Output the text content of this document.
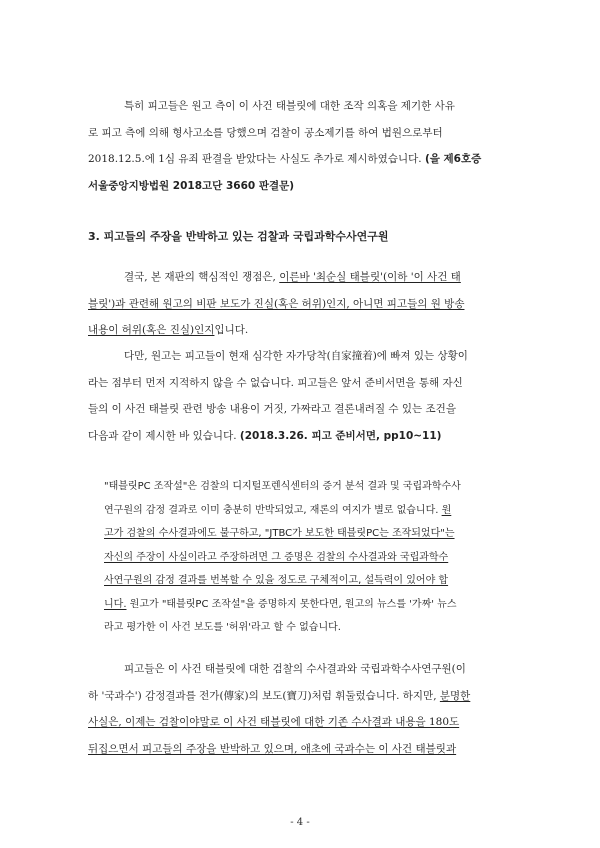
특히 피고들은 원고 측이 이 사건 태블릿에 대한 조작 의혹을 제기한 사유
로 피고 측에 의해 형사고소를 당했으며 검찰이 공소제기를 하여 법원으로부터
2018.12.5.에 1심 유죄 판결을 받았다는 사실도 추가로 제시하였습니다. (을 제6호증
서울중앙지방법원 2018고단 3660 판결문)
3. 피고들의 주장을 반박하고 있는 검찰과 국립과학수사연구원
결국, 본 재판의 핵심적인 쟁점은, 이른바 '최순실 태블릿'(이하 '이 사건 태
블릿')과 관련해 원고의 비판 보도가 진실(혹은 허위)인지, 아니면 피고들의 원 방송
내용이 허위(혹은 진실)인지입니다.
다만, 원고는 피고들이 현재 심각한 자가당착(自家撞着)에 빠져 있는 상황이
라는 점부터 먼저 지적하지 않을 수 없습니다. 피고들은 앞서 준비서면을 통해 자신
들의 이 사건 태블릿 관련 방송 내용이 거짓, 가짜라고 결론내려질 수 있는 조건을
다음과 같이 제시한 바 있습니다. (2018.3.26. 피고 준비서면, pp10~11)
"태블릿PC 조작설"은 검찰의 디지털포렌식센터의 증거 분석 결과 및 국립과학수사
연구원의 감정 결과로 이미 충분히 반박되었고, 재론의 여지가 별로 없습니다. 원
고가 검찰의 수사결과에도 불구하고, "JTBC가 보도한 태블릿PC는 조작되었다"는
자신의 주장이 사실이라고 주장하려면 그 증명은 검찰의 수사결과와 국립과학수
사연구원의 감정 결과를 번복할 수 있을 정도로 구체적이고, 설득력이 있어야 합
니다. 원고가 "태블릿PC 조작설"을 증명하지 못한다면, 원고의 뉴스를 '가짜' 뉴스
라고 평가한 이 사건 보도를 '허위'라고 할 수 없습니다.
피고들은 이 사건 태블릿에 대한 검찰의 수사결과와 국립과학수사연구원(이
하 '국과수') 감정결과를 전가(傳家)의 보도(寶刀)처럼 휘둘렀습니다. 하지만, 분명한
사실은, 이제는 검찰이야말로 이 사건 태블릿에 대한 기존 수사결과 내용을 180도
뒤집으면서 피고들의 주장을 반박하고 있으며, 애초에 국과수는 이 사건 태블릿과
- 4 -
